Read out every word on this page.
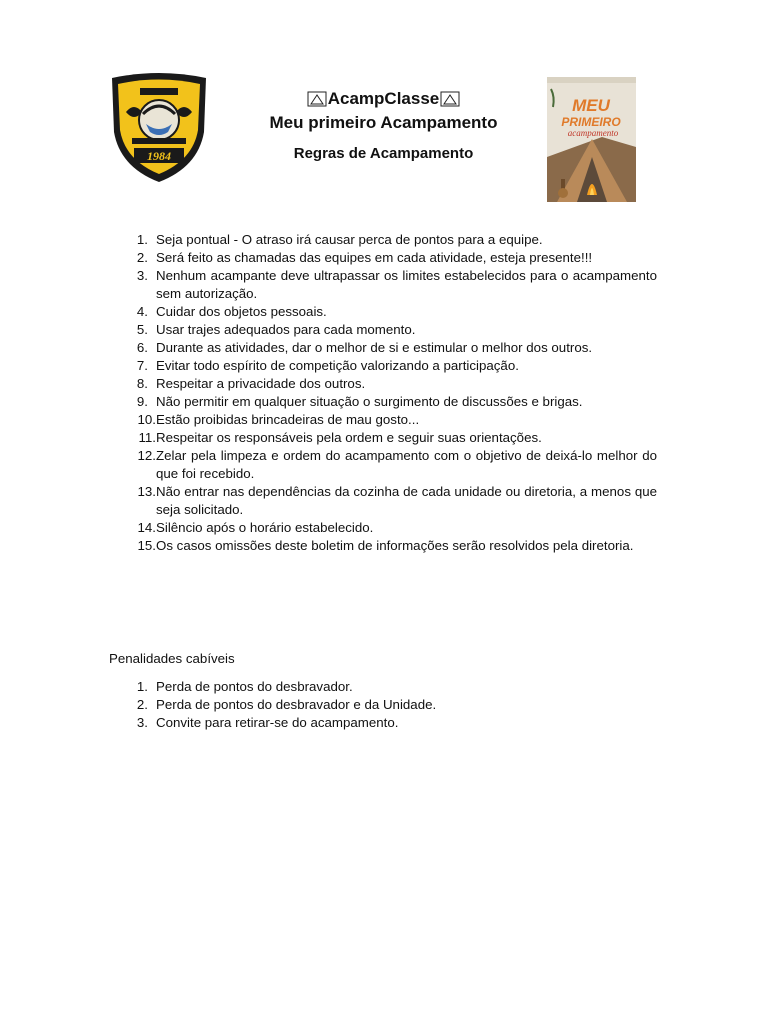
1984
AcampClasse
Meu primeiro Acampamento
Regras de Acampamento
MEU
PRIMEIRO
acampamento
1. Seja pontual - O atraso irá causar perca de pontos para a equipe.
2. Será feito as chamadas das equipes em cada atividade, esteja presente!!!
3. Nenhum acampante deve ultrapassar os limites estabelecidos para o acampamento sem autorização.
4. Cuidar dos objetos pessoais.
5. Usar trajes adequados para cada momento.
6. Durante as atividades, dar o melhor de si e estimular o melhor dos outros.
7. Evitar todo espírito de competição valorizando a participação.
8. Respeitar a privacidade dos outros.
9. Não permitir em qualquer situação o surgimento de discussões e brigas.
10. Estão proibidas brincadeiras de mau gosto...
11. Respeitar os responsáveis pela ordem e seguir suas orientações.
12. Zelar pela limpeza e ordem do acampamento com o objetivo de deixá-lo melhor do que foi recebido.
13. Não entrar nas dependências da cozinha de cada unidade ou diretoria, a menos que seja solicitado.
14. Silêncio após o horário estabelecido.
15. Os casos omissões deste boletim de informações serão resolvidos pela diretoria.
Penalidades cabíveis
1. Perda de pontos do desbravador.
2. Perda de pontos do desbravador e da Unidade.
3. Convite para retirar-se do acampamento.
